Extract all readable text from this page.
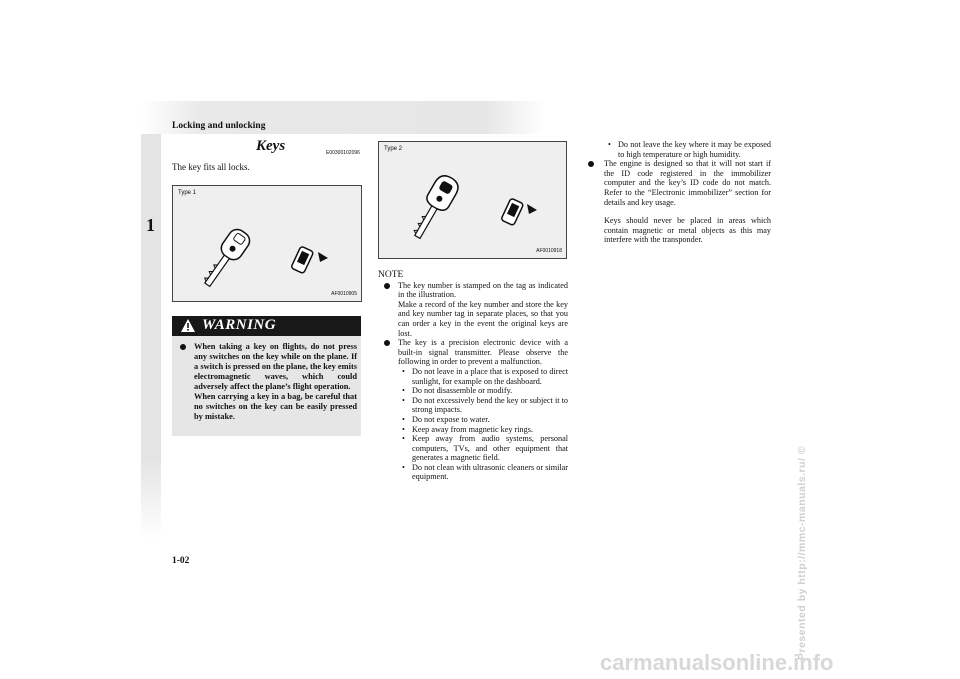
Locking and unlocking
1
1-02
Keys	E00300102096
The key fits all locks.
Type 1
AF0010905
WARNING
When taking a key on flights, do not press any switches on the key while on the plane. If a switch is pressed on the plane, the key emits electromagnetic waves, which could adversely affect the plane’s flight operation.
When carrying a key in a bag, be careful that no switches on the key can be easily pressed by mistake.
Type 2
AF0010918
NOTE

The key number is stamped on the tag as indicated in the illustration.

Make a record of the key number and store the key and key number tag in separate places, so that you can order a key in the event the original keys are lost.

The key is a precision electronic device with a built-in signal transmitter. Please observe the following in order to prevent a malfunction.

• Do not leave in a place that is exposed to direct sunlight, for example on the dashboard.

• Do not disassemble or modify.

• Do not excessively bend the key or subject it to strong impacts.

• Do not expose to water.

• Keep away from magnetic key rings.

• Keep away from audio systems, personal computers, TVs, and other equipment that generates a magnetic field.

• Do not clean with ultrasonic cleaners or similar equipment.

• Do not leave the key where it may be exposed to high temperature or high humidity.

The engine is designed so that it will not start if the ID code registered in the immobilizer computer and the key’s ID code do not match. Refer to the “Electronic immobilizer” section for details and key usage.

Keys should never be placed in areas which contain magnetic or metal objects as this may interfere with the transponder.

Presented by http://mmc-manuals.ru/ ©
carmanualsonline.info
